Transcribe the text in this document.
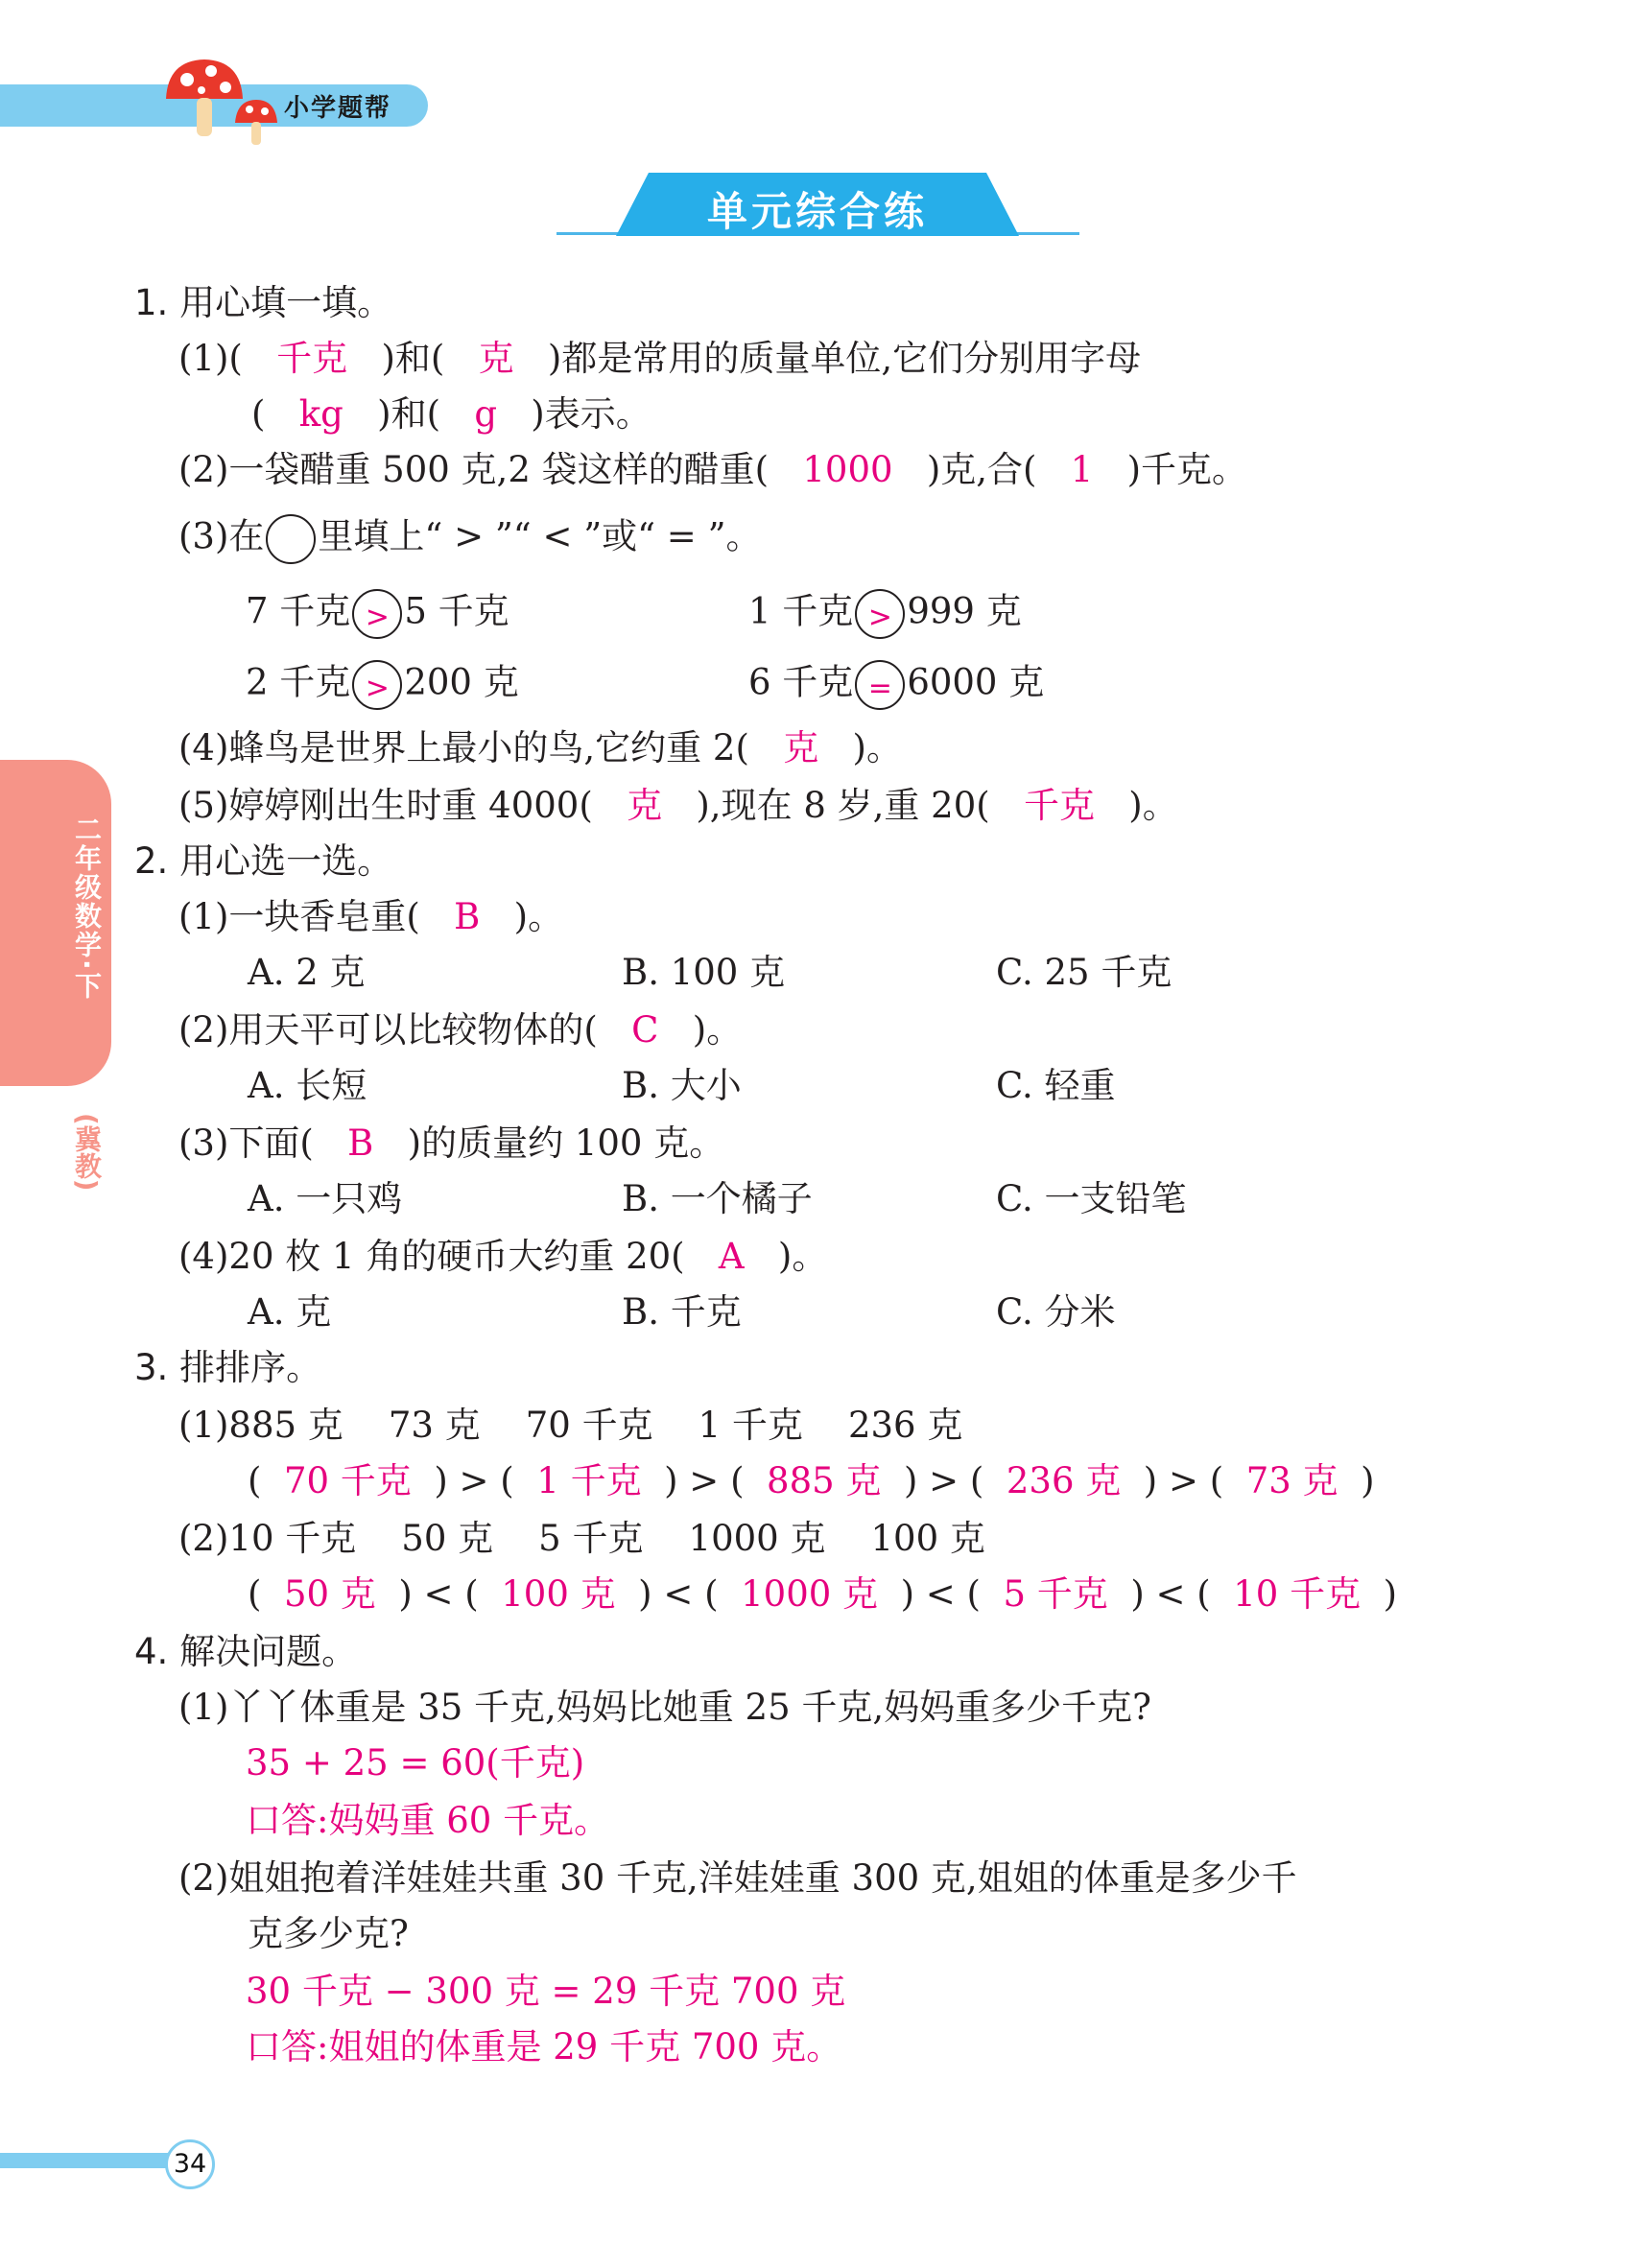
小学题帮
单元综合练
二年级数学·下
(冀教)
1. 用心填一填。
(1)( 千克 )和( 克 )都是常用的质量单位,它们分别用字母
( kg )和( g )表示。
(2)一袋醋重 500 克,2 袋这样的醋重( 1000 )克,合( 1 )千克。
(3)在 里填上“ > ”“ < ”或“ = ”。
7 千克 > 5 千克	1 千克 > 999 克
2 千克 > 200 克	6 千克 = 6000 克
(4)蜂鸟是世界上最小的鸟,它约重 2( 克 )。
(5)婷婷刚出生时重 4000( 克 ),现在 8 岁,重 20( 千克 )。
2. 用心选一选。
(1)一块香皂重( B )。
A. 2 克	B. 100 克	C. 25 千克
(2)用天平可以比较物体的( C )。
A. 长短	B. 大小	C. 轻重
(3)下面( B )的质量约 100 克。
A. 一只鸡	B. 一个橘子	C. 一支铅笔
(4)20 枚 1 角的硬币大约重 20( A )。
A. 克	B. 千克	C. 分米
3. 排排序。
(1)885 克    73 克    70 千克    1 千克    236 克
(  70 千克  ) > (  1 千克  ) > (  885 克  ) > (  236 克  ) > (  73 克  )
(2)10 千克    50 克    5 千克    1000 克    100 克
(  50 克  ) < (  100 克  ) < (  1000 克  ) < (  5 千克  ) < (  10 千克  )
4. 解决问题。
(1)丫丫体重是 35 千克,妈妈比她重 25 千克,妈妈重多少千克?
35 + 25 = 60(千克)
口答:妈妈重 60 千克。
(2)姐姐抱着洋娃娃共重 30 千克,洋娃娃重 300 克,姐姐的体重是多少千
克多少克?
30 千克 − 300 克 = 29 千克 700 克
口答:姐姐的体重是 29 千克 700 克。
34
